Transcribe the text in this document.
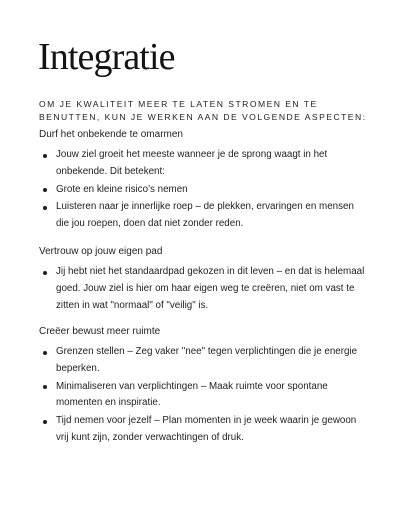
Integratie

OM JE KWALITEIT MEER TE LATEN STROMEN EN TE BENUTTEN, KUN JE WERKEN AAN DE VOLGENDE ASPECTEN:

Durf het onbekende te omarmen

Jouw ziel groeit het meeste wanneer je de sprong waagt in het onbekende. Dit betekent:
Grote en kleine risico’s nemen
Luisteren naar je innerlijke roep – de plekken, ervaringen en mensen die jou roepen, doen dat niet zonder reden.

Vertrouw op jouw eigen pad

Jij hebt niet het standaardpad gekozen in dit leven – en dat is helemaal goed. Jouw ziel is hier om haar eigen weg te creëren, niet om vast te zitten in wat "normaal" of "veilig" is.

Creëer bewust meer ruimte

Grenzen stellen – Zeg vaker "nee" tegen verplichtingen die je energie beperken.
Minimaliseren van verplichtingen – Maak ruimte voor spontane momenten en inspiratie.
Tijd nemen voor jezelf – Plan momenten in je week waarin je gewoon vrij kunt zijn, zonder verwachtingen of druk.
